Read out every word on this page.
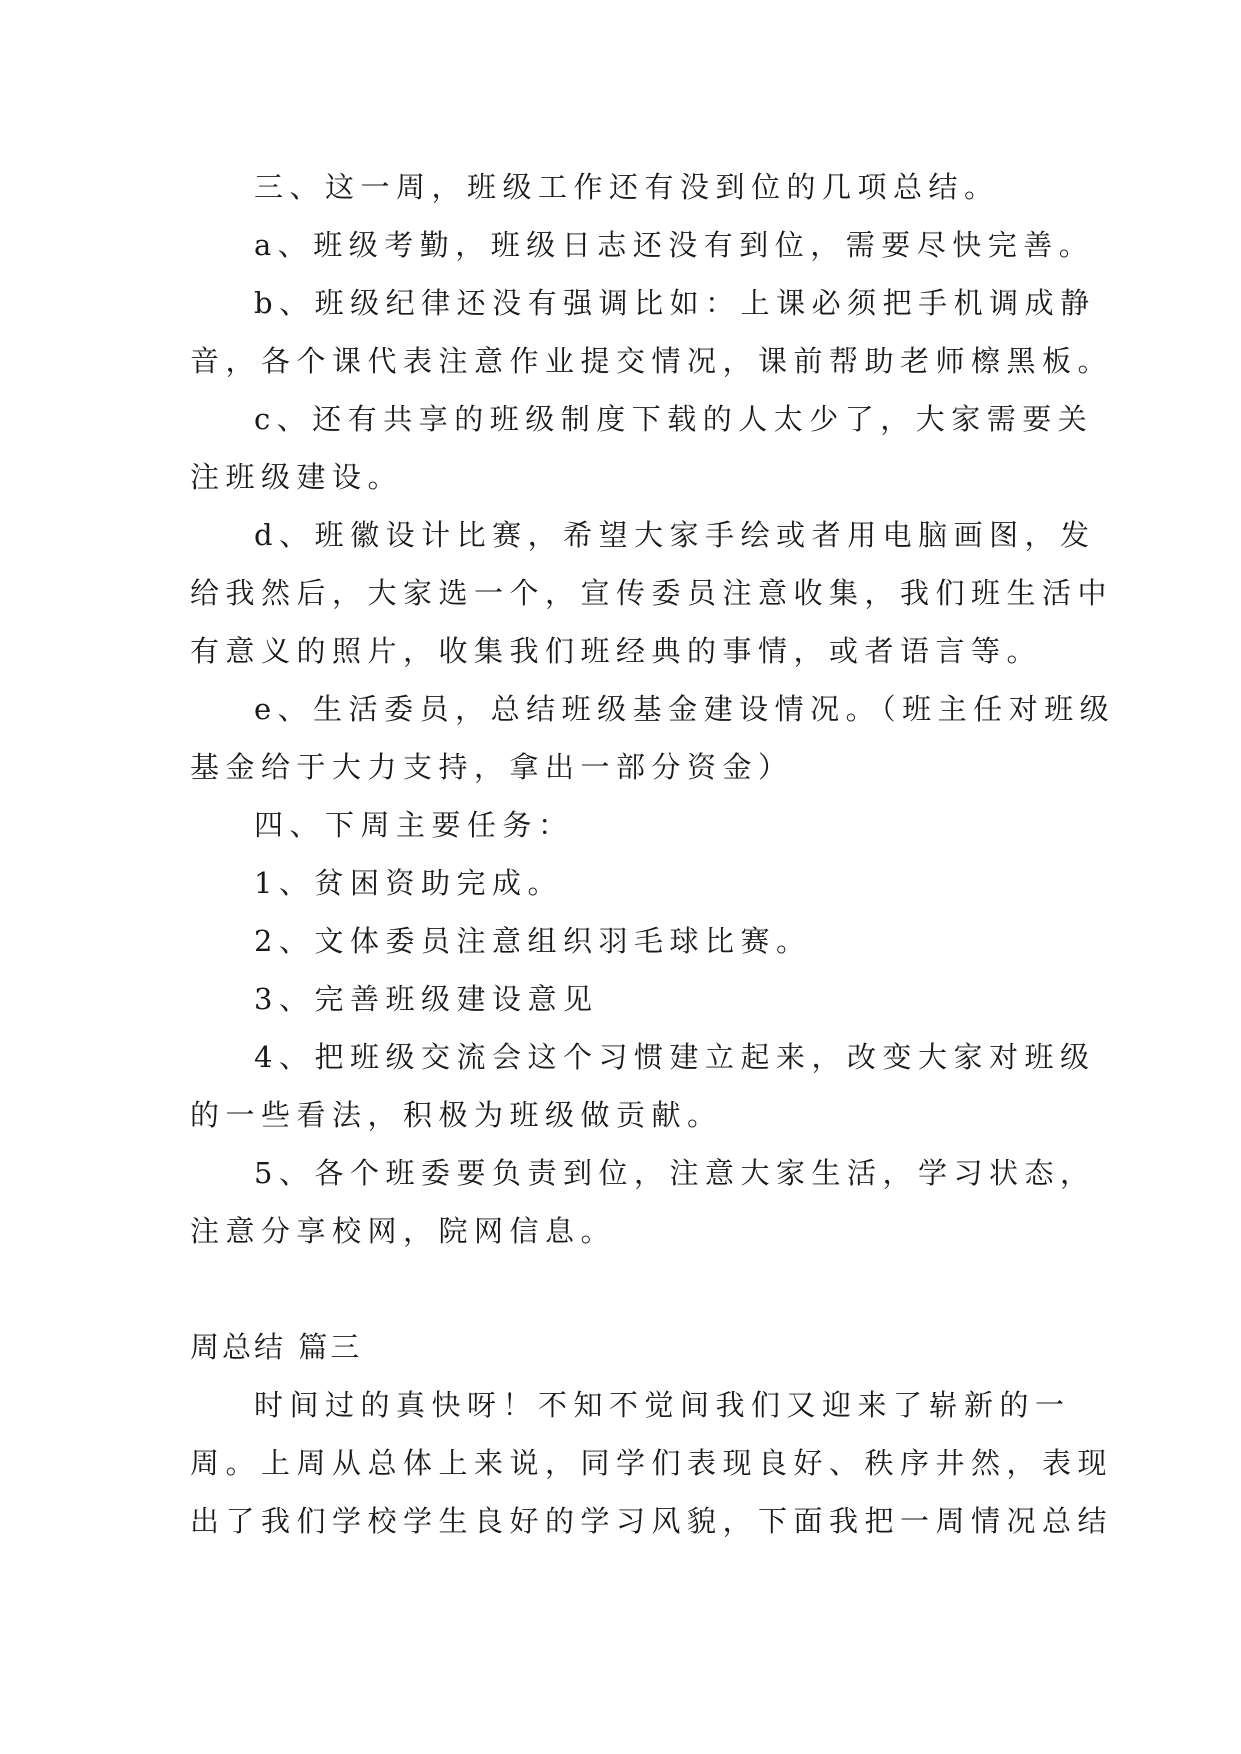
三、这一周，班级工作还有没到位的几项总结。

a、班级考勤，班级日志还没有到位，需要尽快完善。

b、班级纪律还没有强调比如：上课必须把手机调成静

音，各个课代表注意作业提交情况，课前帮助老师檫黑板。

c、还有共享的班级制度下载的人太少了，大家需要关

注班级建设。

d、班徽设计比赛，希望大家手绘或者用电脑画图，发

给我然后，大家选一个，宣传委员注意收集，我们班生活中

有意义的照片，收集我们班经典的事情，或者语言等。

e、生活委员，总结班级基金建设情况。（班主任对班级

基金给于大力支持，拿出一部分资金）

四、下周主要任务：

1、贫困资助完成。

2、文体委员注意组织羽毛球比赛。

3、完善班级建设意见

4、把班级交流会这个习惯建立起来，改变大家对班级

的一些看法，积极为班级做贡献。

5、各个班委要负责到位，注意大家生活，学习状态，

注意分享校网，院网信息。

周总结 篇三

时间过的真快呀！不知不觉间我们又迎来了崭新的一

周。上周从总体上来说，同学们表现良好、秩序井然，表现

出了我们学校学生良好的学习风貌，下面我把一周情况总结
